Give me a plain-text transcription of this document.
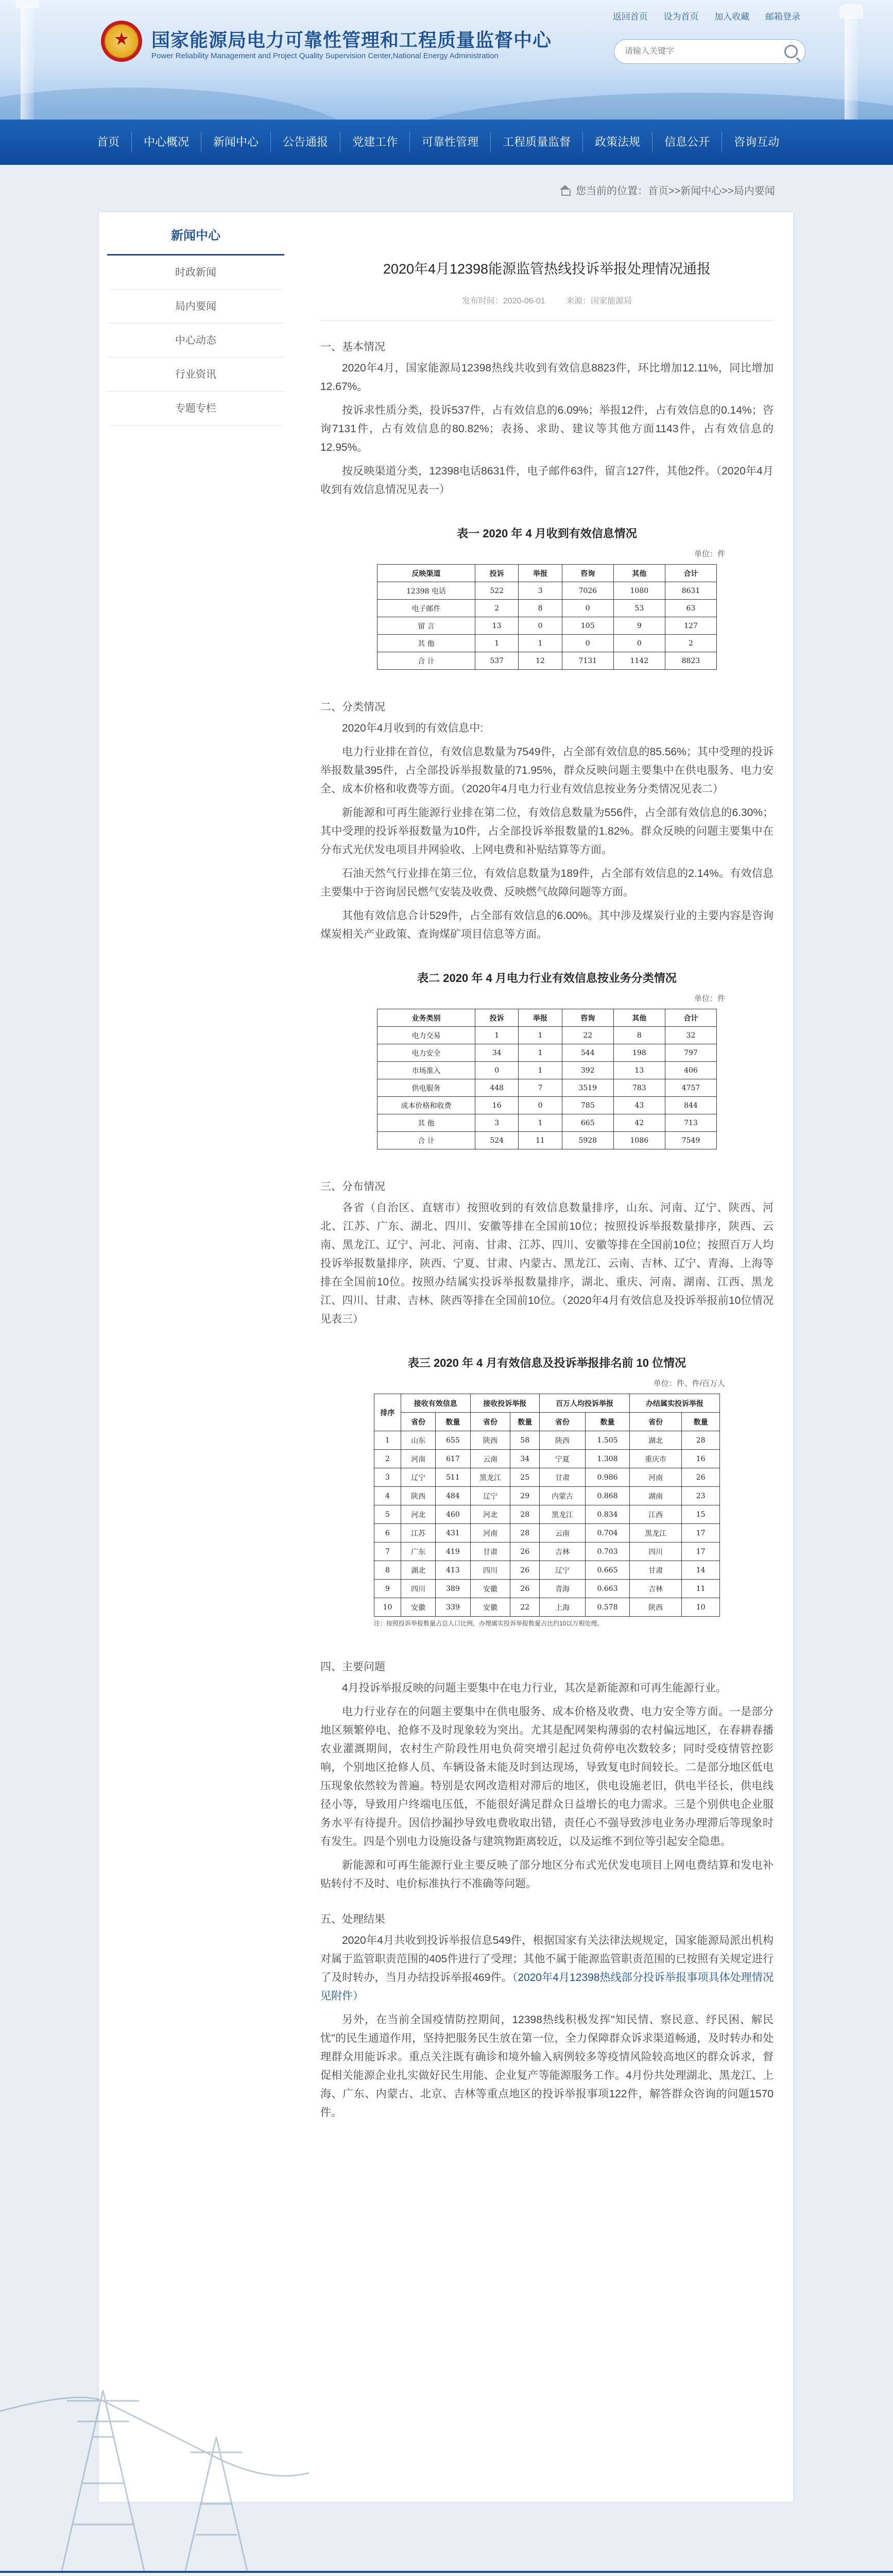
返回首页 设为首页 加入收藏 邮箱登录
★
国家能源局电力可靠性管理和工程质量监督中心
Power Reliability Management and Project Quality Supervision Center,National Energy Administration
请输入关键字
首页	中心概况	新闻中心	公告通报	党建工作	可靠性管理	工程质量监督	政策法规	信息公开	咨询互动
您当前的位置：首页>>新闻中心>>局内要闻
新闻中心
时政新闻
局内要闻
中心动态
行业资讯
专题专栏
2020年4月12398能源监管热线投诉举报处理情况通报
发布时间：2020-06-01	来源：国家能源局
一、基本情况
2020年4月，国家能源局12398热线共收到有效信息8823件，环比增加12.11%，同比增加12.67%。
按诉求性质分类，投诉537件，占有效信息的6.09%；举报12件，占有效信息的0.14%；咨询7131件，占有效信息的80.82%；表扬、求助、建议等其他方面1143件，占有效信息的12.95%。
按反映渠道分类，12398电话8631件，电子邮件63件，留言127件，其他2件。（2020年4月收到有效信息情况见表一）
表一 2020 年 4 月收到有效信息情况
单位：件
反映渠道	投诉	举报	咨询	其他	合计
12398 电话	522	3	7026	1080	8631
电子邮件	2	8	0	53	63
留 言	13	0	105	9	127
其 他	1	1	0	0	2
合 计	537	12	7131	1142	8823
二、分类情况
2020年4月收到的有效信息中:
电力行业排在首位，有效信息数量为7549件，占全部有效信息的85.56%；其中受理的投诉举报数量395件，占全部投诉举报数量的71.95%，群众反映问题主要集中在供电服务、电力安全、成本价格和收费等方面。（2020年4月电力行业有效信息按业务分类情况见表二）
新能源和可再生能源行业排在第二位，有效信息数量为556件，占全部有效信息的6.30%；其中受理的投诉举报数量为10件，占全部投诉举报数量的1.82%。群众反映的问题主要集中在分布式光伏发电项目并网验收、上网电费和补贴结算等方面。
石油天然气行业排在第三位，有效信息数量为189件，占全部有效信息的2.14%。有效信息主要集中于咨询居民燃气安装及收费、反映燃气故障问题等方面。
其他有效信息合计529件，占全部有效信息的6.00%。其中涉及煤炭行业的主要内容是咨询煤炭相关产业政策、查询煤矿项目信息等方面。
表二 2020 年 4 月电力行业有效信息按业务分类情况
单位：件
业务类别	投诉	举报	咨询	其他	合计
电力交易	1	1	22	8	32
电力安全	34	1	544	198	797
市场准入	0	1	392	13	406
供电服务	448	7	3519	783	4757
成本价格和收费	16	0	785	43	844
其 他	3	1	665	42	713
合 计	524	11	5928	1086	7549
三、分布情况
各省（自治区、直辖市）按照收到的有效信息数量排序，山东、河南、辽宁、陕西、河北、江苏、广东、湖北、四川、安徽等排在全国前10位；按照投诉举报数量排序，陕西、云南、黑龙江、辽宁、河北、河南、甘肃、江苏、四川、安徽等排在全国前10位；按照百万人均投诉举报数量排序，陕西、宁夏、甘肃、内蒙古、黑龙江、云南、吉林、辽宁、青海、上海等排在全国前10位。按照办结属实投诉举报数量排序，湖北、重庆、河南、湖南、江西、黑龙江、四川、甘肃、吉林、陕西等排在全国前10位。（2020年4月有效信息及投诉举报前10位情况见表三）
表三 2020 年 4 月有效信息及投诉举报排名前 10 位情况
单位：件、件/百万人
排序	接收有效信息		接收投诉举报		百万人均投诉举报		办结属实投诉举报	
	省份	数量	省份	数量	省份	数量	省份	数量
1	山东	655	陕西	58	陕西	1.505	湖北	28
2	河南	617	云南	34	宁夏	1.308	重庆市	16
3	辽宁	511	黑龙江	25	甘肃	0.986	河南	26
4	陕西	484	辽宁	29	内蒙古	0.868	湖南	23
5	河北	460	河北	28	黑龙江	0.834	江西	15
6	江苏	431	河南	28	云南	0.704	黑龙江	17
7	广东	419	甘肃	26	吉林	0.703	四川	17
8	湖北	413	四川	26	辽宁	0.665	甘肃	14
9	四川	389	安徽	26	青海	0.663	吉林	11
10	安徽	339	安徽	22	上海	0.578	陕西	10
注：按照投诉举报数量占总人口比例，办理属实投诉举报数量占比约10以万相处理。
四、主要问题
4月投诉举报反映的问题主要集中在电力行业，其次是新能源和可再生能源行业。
电力行业存在的问题主要集中在供电服务、成本价格及收费、电力安全等方面。一是部分地区频繁停电、抢修不及时现象较为突出。尤其是配网架构薄弱的农村偏远地区，在春耕春播农业灌溉期间，农村生产阶段性用电负荷突增引起过负荷停电次数较多；同时受疫情管控影响，个别地区抢修人员、车辆设备未能及时到达现场，导致复电时间较长。二是部分地区低电压现象依然较为普遍。特别是农网改造相对滞后的地区，供电设施老旧，供电半径长，供电线径小等，导致用户终端电压低，不能很好满足群众日益增长的电力需求。三是个别供电企业服务水平有待提升。因信抄漏抄导致电费收取出错，责任心不强导致涉电业务办理滞后等现象时有发生。四是个别电力设施设备与建筑物距离较近，以及运维不到位等引起安全隐患。
新能源和可再生能源行业主要反映了部分地区分布式光伏发电项目上网电费结算和发电补贴转付不及时、电价标准执行不准确等问题。
五、处理结果
2020年4月共收到投诉举报信息549件，根据国家有关法律法规规定，国家能源局派出机构对属于监管职责范围的405件进行了受理；其他不属于能源监管职责范围的已按照有关规定进行了及时转办，当月办结投诉举报469件。（2020年4月12398热线部分投诉举报事项具体处理情况见附件）
另外，在当前全国疫情防控期间，12398热线积极发挥"知民情、察民意、纾民困、解民忧"的民生通道作用，坚持把服务民生放在第一位，全力保障群众诉求渠道畅通，及时转办和处理群众用能诉求。重点关注既有确诊和境外输入病例较多等疫情风险较高地区的群众诉求，督促相关能源企业扎实做好民生用能、企业复产等能源服务工作。4月份共处理湖北、黑龙江、上海、广东、内蒙古、北京、吉林等重点地区的投诉举报事项122件，解答群众咨询的问题1570件。
